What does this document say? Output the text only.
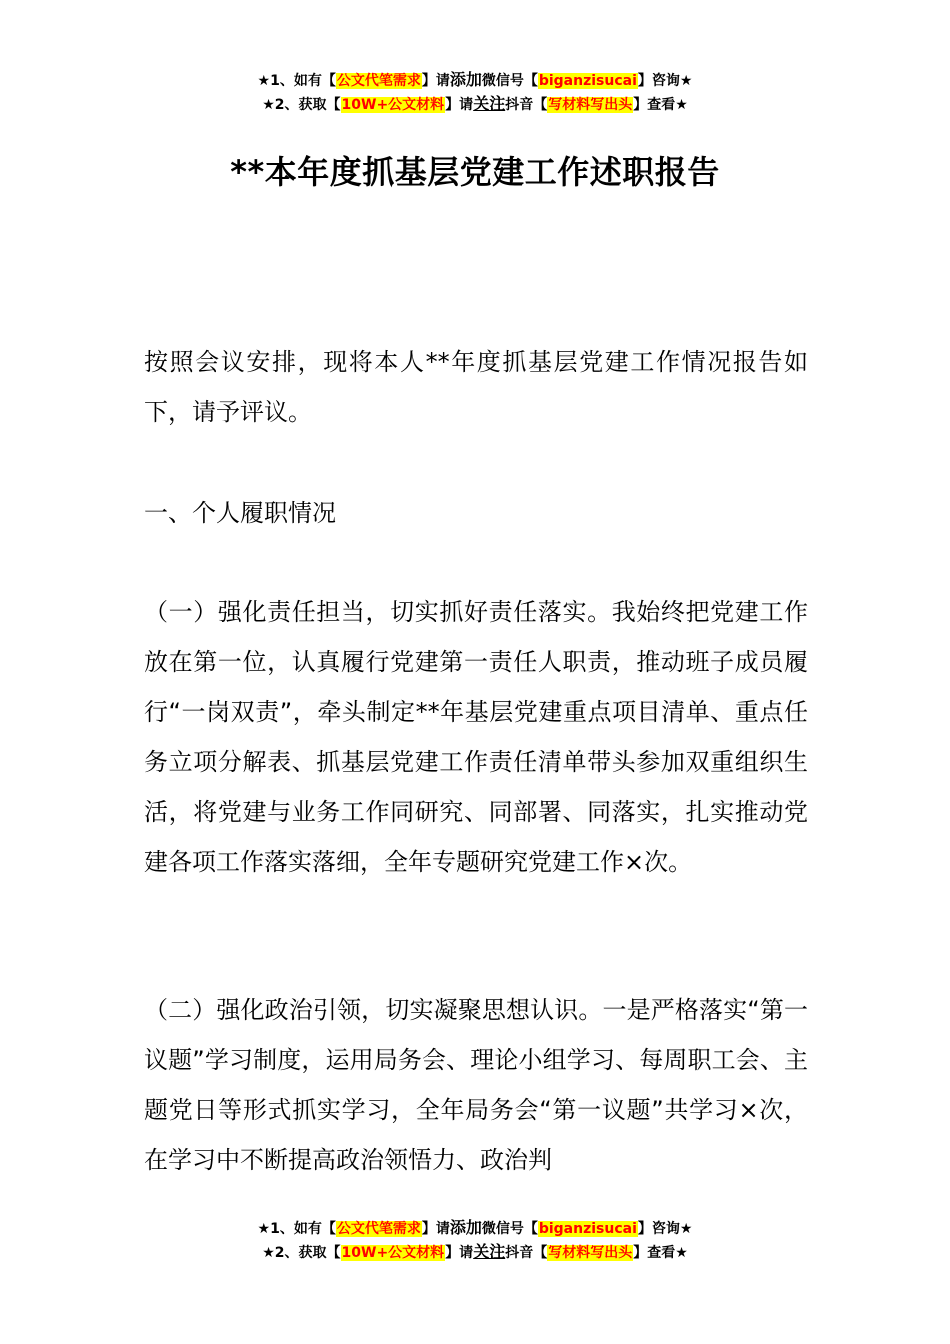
★1、如有【公文代笔需求】请添加微信号【biganzisucai】咨询★
★2、获取【10W+公文材料】请关注抖音【写材料写出头】查看★
**本年度抓基层党建工作述职报告
按照会议安排，现将本人**年度抓基层党建工作情况报告如下，请予评议。
一、个人履职情况
（一）强化责任担当，切实抓好责任落实。我始终把党建工作放在第一位，认真履行党建第一责任人职责，推动班子成员履行“一岗双责”，牵头制定**年基层党建重点项目清单、重点任务立项分解表、抓基层党建工作责任清单带头参加双重组织生活，将党建与业务工作同研究、同部署、同落实，扎实推动党建各项工作落实落细，全年专题研究党建工作×次。
（二）强化政治引领，切实凝聚思想认识。一是严格落实“第一议题”学习制度，运用局务会、理论小组学习、每周职工会、主题党日等形式抓实学习，全年局务会“第一议题”共学习×次，在学习中不断提高政治领悟力、政治判
★1、如有【公文代笔需求】请添加微信号【biganzisucai】咨询★
★2、获取【10W+公文材料】请关注抖音【写材料写出头】查看★
